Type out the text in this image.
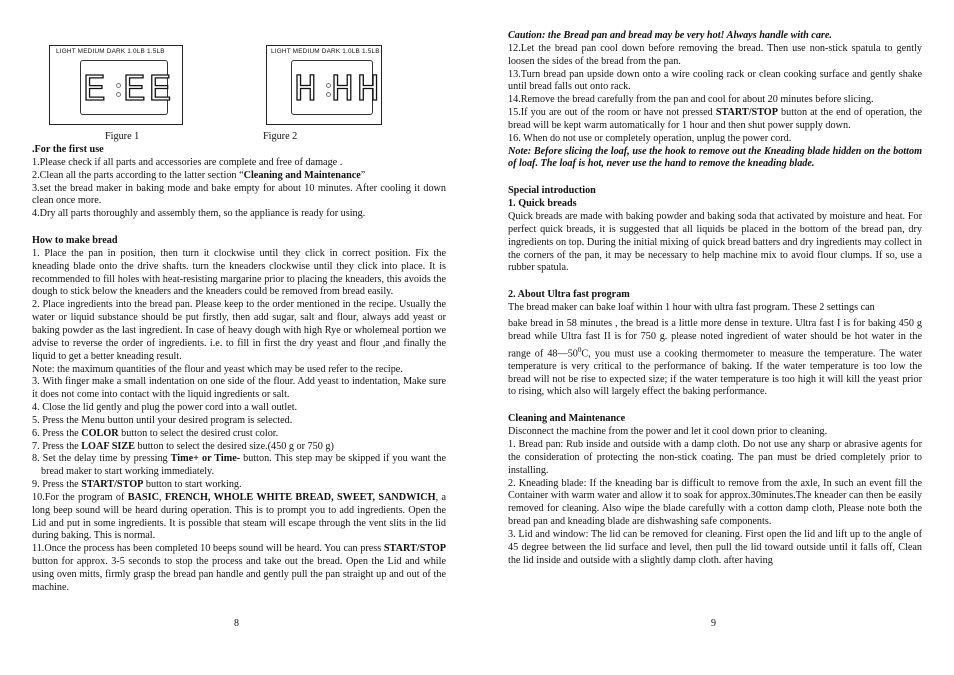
LIGHT MEDIUM DARK 1.0LB 1.5LB
E EE
Figure 1
LIGHT MEDIUM DARK 1.0LB 1.5LB
H HH
Figure 2

.For the first use

1.Please check if all parts and accessories are complete and free of damage .

2.Clean all the parts according to the latter section “Cleaning and Maintenance”

3.set the bread maker in baking mode and bake empty for about 10 minutes. After cooling it down clean once more.

4.Dry all parts thoroughly and assembly them, so the appliance is ready for using.

How to make bread

1. Place the pan in position, then turn it clockwise until they click in correct position. Fix the kneading blade onto the drive shafts. turn the kneaders clockwise until they click into place. It is recommended to fill holes with heat-resisting margarine prior to placing the kneaders, this avoids the dough to stick below the kneaders and the kneaders could be removed from bread easily.

2. Place ingredients into the bread pan. Please keep to the order mentioned in the recipe. Usually the water or liquid substance should be put firstly, then add sugar, salt and flour, always add yeast or baking powder as the last ingredient. In case of heavy dough with high Rye or wholemeal portion we advise to reverse the order of ingredients. i.e. to fill in first the dry yeast and flour ,and finally the liquid to get a better kneading result.

Note: the maximum quantities of the flour and yeast which may be used refer to the recipe.

3. With finger make a small indentation on one side of the flour. Add yeast to indentation, Make sure it does not come into contact with the liquid ingredients or salt.

4. Close the lid gently and plug the power cord into a wall outlet.

5. Press the Menu button until your desired program is selected.

6. Press the COLOR button to select the desired crust color.

7. Press the LOAF SIZE button to select the desired size.(450 g or 750 g)

8. Set the delay time by pressing Time+ or Time- button. This step may be skipped if you want the bread maker to start working immediately.

9. Press the START/STOP button to start working.

10.For the program of BASIC, FRENCH, WHOLE WHITE BREAD, SWEET, SANDWICH, a long beep sound will be heard during operation. This is to prompt you to add ingredients. Open the Lid and put in some ingredients. It is possible that steam will escape through the vent slits in the lid during baking. This is normal.

11.Once the process has been completed 10 beeps sound will be heard. You can press START/STOP button for approx. 3-5 seconds to stop the process and take out the bread. Open the Lid and while using oven mitts, firmly grasp the bread pan handle and gently pull the pan straight up and out of the machine.

8

Caution: the Bread pan and bread may be very hot! Always handle with care.

12.Let the bread pan cool down before removing the bread. Then use non-stick spatula to gently loosen the sides of the bread from the pan.

13.Turn bread pan upside down onto a wire cooling rack or clean cooking surface and gently shake until bread falls out onto rack.

14.Remove the bread carefully from the pan and cool for about 20 minutes before slicing.

15.If you are out of the room or have not pressed START/STOP button at the end of operation, the bread will be kept warm automatically for 1 hour and then shut power supply down.

16. When do not use or completely operation, unplug the power cord.

Note: Before slicing the loaf, use the hook to remove out the Kneading blade hidden on the bottom of loaf. The loaf is hot, never use the hand to remove the kneading blade.

Special introduction

1. Quick breads

Quick breads are made with baking powder and baking soda that activated by moisture and heat. For perfect quick breads, it is suggested that all liquids be placed in the bottom of the bread pan, dry ingredients on top. During the initial mixing of quick bread batters and dry ingredients may collect in the corners of the pan, it may be necessary to help machine mix to avoid flour clumps. If so, use a rubber spatula.

2. About Ultra fast program

The bread maker can bake loaf within 1 hour with ultra fast program. These 2 settings can

bake bread in 58 minutes , the bread is a little more dense in texture. Ultra fast I is for baking 450 g bread while Ultra fast II is for 750 g. please noted ingredient of water should be hot water in the range of $48—50^0C$, you must use a cooking thermometer to measure the temperature. The water temperature is very critical to the performance of baking. If the water temperature is too low the bread will not be rise to expected size; if the water temperature is too high it will kill the yeast prior to rising, which also will largely effect the baking performance.

Cleaning and Maintenance

Disconnect the machine from the power and let it cool down prior to cleaning.

1. Bread pan: Rub inside and outside with a damp cloth. Do not use any sharp or abrasive agents for the consideration of protecting the non-stick coating. The pan must be dried completely prior to installing.

2. Kneading blade: If the kneading bar is difficult to remove from the axle, In such an event fill the Container with warm water and allow it to soak for approx.30minutes.The kneader can then be easily removed for cleaning. Also wipe the blade carefully with a cotton damp cloth, Please note both the bread pan and kneading blade are dishwashing safe components.

3. Lid and window: The lid can be removed for cleaning. First open the lid and lift up to the angle of 45 degree between the lid surface and level, then pull the lid toward outside until it falls off, Clean the lid inside and outside with a slightly damp cloth. after having

9
